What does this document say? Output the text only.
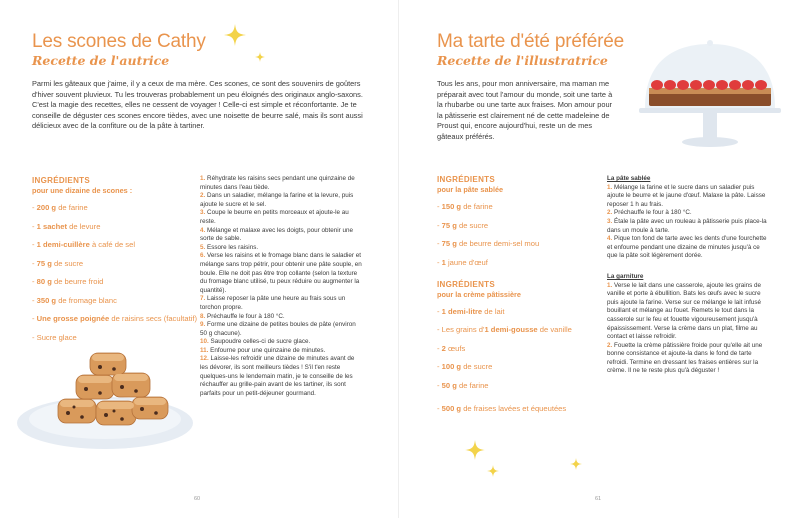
Les scones de Cathy
Recette de l'autrice

Parmi les gâteaux que j'aime, il y a ceux de ma mère. Ces scones, ce sont des souvenirs de goûters d'hiver souvent pluvieux. Tu les trouveras probablement un peu éloignés des originaux anglo-saxons. C'est la magie des recettes, elles ne cessent de voyager ! Celle-ci est simple et réconfortante. Je te conseille de déguster ces scones encore tièdes, avec une noisette de beurre salé, mais ils sont aussi délicieux avec de la confiture ou de la pâte à tartiner.

INGRÉDIENTS

pour une dizaine de scones :

- 200 g de farine
- 1 sachet de levure
- 1 demi-cuillère à café de sel
- 75 g de sucre
- 80 g de beurre froid
- 350 g de fromage blanc
- Une grosse poignée de raisins secs (facultatif)
- Sucre glace

1. Réhydrate les raisins secs pendant une quinzaine de minutes dans l'eau tiède.

2. Dans un saladier, mélange la farine et la levure, puis ajoute le sucre et le sel.

3. Coupe le beurre en petits morceaux et ajoute-le au reste.

4. Mélange et malaxe avec les doigts, pour obtenir une sorte de sable.

5. Essore les raisins.

6. Verse les raisins et le fromage blanc dans le saladier et mélange sans trop pétrir, pour obtenir une pâte souple, en boule. Elle ne doit pas être trop collante (selon la texture du fromage blanc utilisé, tu peux réduire ou augmenter la quantité).

7. Laisse reposer la pâte une heure au frais sous un torchon propre.

8. Préchauffe le four à 180 °C.

9. Forme une dizaine de petites boules de pâte (environ 50 g chacune).

10. Saupoudre celles-ci de sucre glace.

11. Enfourne pour une quinzaine de minutes.

12. Laisse-les refroidir une dizaine de minutes avant de les dévorer, ils sont meilleurs tièdes ! S'il t'en reste quelques-uns le lendemain matin, je te conseille de les réchauffer au grille-pain avant de les tartiner, ils sont parfaits pour un petit-déjeuner gourmand.

60
Ma tarte d'été préférée
Recette de l'illustratrice

Tous les ans, pour mon anniversaire, ma maman me préparait avec tout l'amour du monde, soit une tarte à la rhubarbe ou une tarte aux fraises. Mon amour pour la pâtisserie est clairement né de cette madeleine de Proust qui, encore aujourd'hui, reste un de mes gâteaux préférés.

INGRÉDIENTS

pour la pâte sablée

- 150 g de farine
- 75 g de sucre
- 75 g de beurre demi-sel mou
- 1 jaune d'œuf

INGRÉDIENTS

pour la crème pâtissière

- 1 demi-litre de lait
- Les grains d'1 demi-gousse de vanille
- 2 œufs
- 100 g de sucre
- 50 g de farine
- 500 g de fraises lavées et équeutées

La pâte sablée

1. Mélange la farine et le sucre dans un saladier puis ajoute le beurre et le jaune d'œuf. Malaxe la pâte. Laisse reposer 1 h au frais.

2. Préchauffe le four à 180 °C.

3. Étale la pâte avec un rouleau à pâtisserie puis place-la dans un moule à tarte.

4. Pique ton fond de tarte avec les dents d'une fourchette et enfourne pendant une dizaine de minutes jusqu'à ce que la pâte soit légèrement dorée.

La garniture

1. Verse le lait dans une casserole, ajoute les grains de vanille et porte à ébullition. Bats les œufs avec le sucre puis ajoute la farine. Verse sur ce mélange le lait infusé bouillant et mélange au fouet. Remets le tout dans la casserole sur le feu et fouette vigoureusement jusqu'à épaississement. Verse la crème dans un plat, filme au contact et laisse refroidir.

2. Fouette la crème pâtissière froide pour qu'elle ait une bonne consistance et ajoute-la dans le fond de tarte refroidi. Termine en dressant les fraises entières sur la crème. Il ne te reste plus qu'à déguster !

61
